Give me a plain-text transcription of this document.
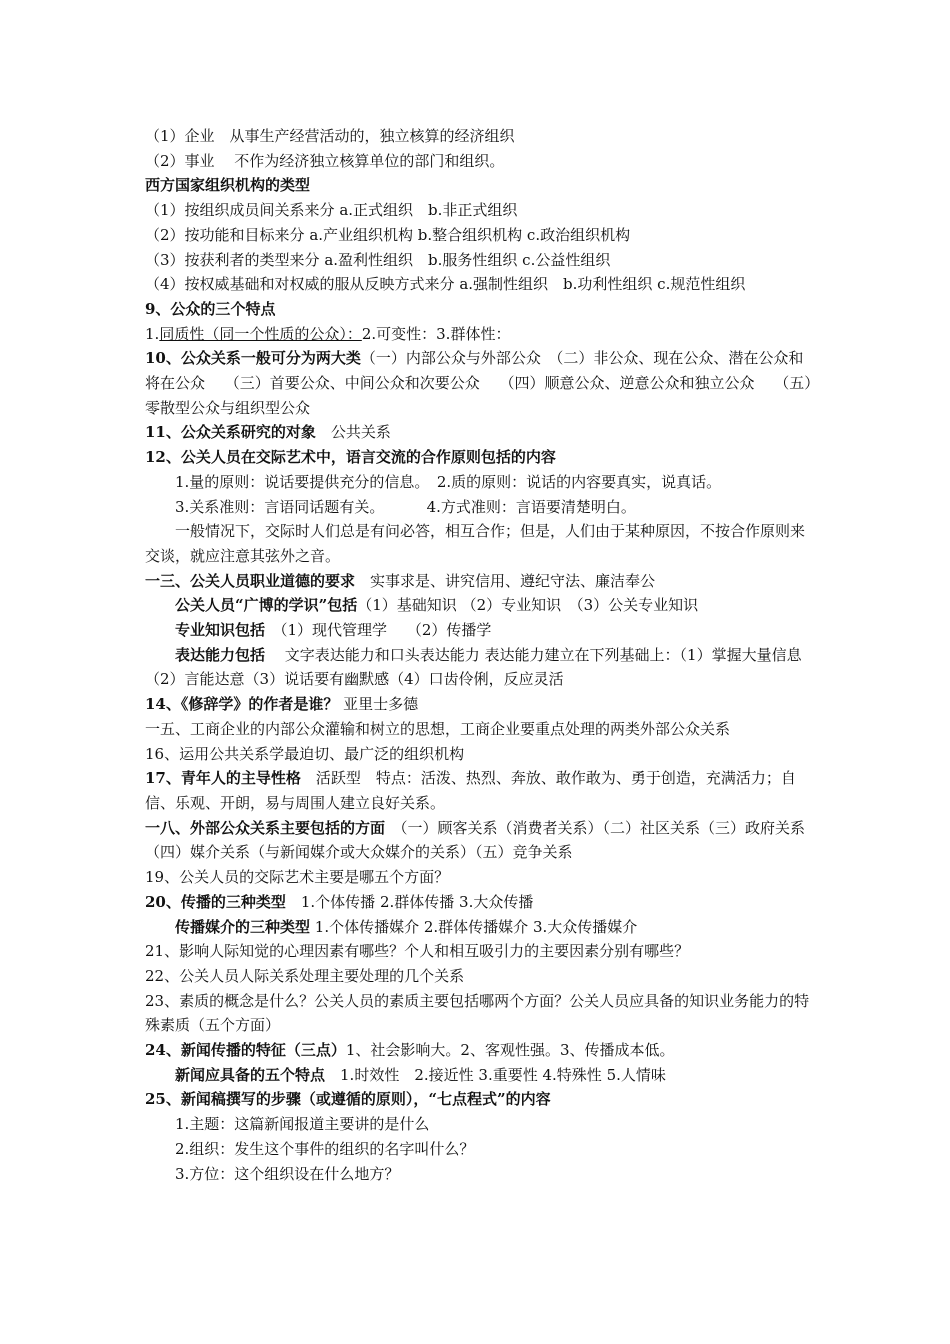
（1）企业　从事生产经营活动的，独立核算的经济组织

（2）事业　 不作为经济独立核算单位的部门和组织。

西方国家组织机构的类型

（1）按组织成员间关系来分 a.正式组织　b.非正式组织

（2）按功能和目标来分 a.产业组织机构 b.整合组织机构 c.政治组织机构

（3）按获利者的类型来分 a.盈利性组织　b.服务性组织 c.公益性组织

（4）按权威基础和对权威的服从反映方式来分 a.强制性组织　b.功利性组织 c.规范性组织

9、公众的三个特点

1.同质性（同一个性质的公众）：2.可变性：3.群体性：

10、公众关系一般可分为两大类（一）内部公众与外部公众　（二）非公众、现在公众、潜在公众和将在公众　 （三）首要公众、中间公众和次要公众　 （四）顺意公众、逆意公众和独立公众　 （五）零散型公众与组织型公众

11、公众关系研究的对象　公共关系

12、公关人员在交际艺术中，语言交流的合作原则包括的内容

1.量的原则：说话要提供充分的信息。　2.质的原则：说话的内容要真实，说真话。

3.关系准则：言语同话题有关。　　　 4.方式准则：言语要清楚明白。

一般情况下，交际时人们总是有问必答，相互合作；但是，人们由于某种原因，不按合作原则来交谈，就应注意其弦外之音。

一三、公关人员职业道德的要求　实事求是、讲究信用、遵纪守法、廉洁奉公

公关人员“广博的学识”包括（1）基础知识 （2）专业知识　（3）公关专业知识

专业知识包括　（1）现代管理学　 （2）传播学

表达能力包括　 文字表达能力和口头表达能力 表达能力建立在下列基础上：（1）掌握大量信息（2）言能达意（3）说话要有幽默感（4）口齿伶俐，反应灵活

14、《修辞学》的作者是谁？ 亚里士多德

一五、工商企业的内部公众灌输和树立的思想，工商企业要重点处理的两类外部公众关系

16、运用公共关系学最迫切、最广泛的组织机构

17、青年人的主导性格　活跃型　特点：活泼、热烈、奔放、敢作敢为、勇于创造，充满活力；自信、乐观、开朗，易与周围人建立良好关系。

一八、外部公众关系主要包括的方面　（一）顾客关系（消费者关系）（二）社区关系（三）政府关系　 （四）媒介关系（与新闻媒介或大众媒介的关系）（五）竞争关系

19、公关人员的交际艺术主要是哪五个方面？

20、传播的三种类型　1.个体传播 2.群体传播 3.大众传播

传播媒介的三种类型 1.个体传播媒介 2.群体传播媒介 3.大众传播媒介

21、影响人际知觉的心理因素有哪些？个人和相互吸引力的主要因素分别有哪些？

22、公关人员人际关系处理主要处理的几个关系

23、素质的概念是什么？公关人员的素质主要包括哪两个方面？公关人员应具备的知识业务能力的特殊素质（五个方面）

24、新闻传播的特征（三点）1、社会影响大。2、客观性强。3、传播成本低。

新闻应具备的五个特点　1.时效性　2.接近性 3.重要性 4.特殊性 5.人情味

25、新闻稿撰写的步骤（或遵循的原则），“七点程式”的内容

1.主题：这篇新闻报道主要讲的是什么

2.组织：发生这个事件的组织的名字叫什么？

3.方位：这个组织设在什么地方？
